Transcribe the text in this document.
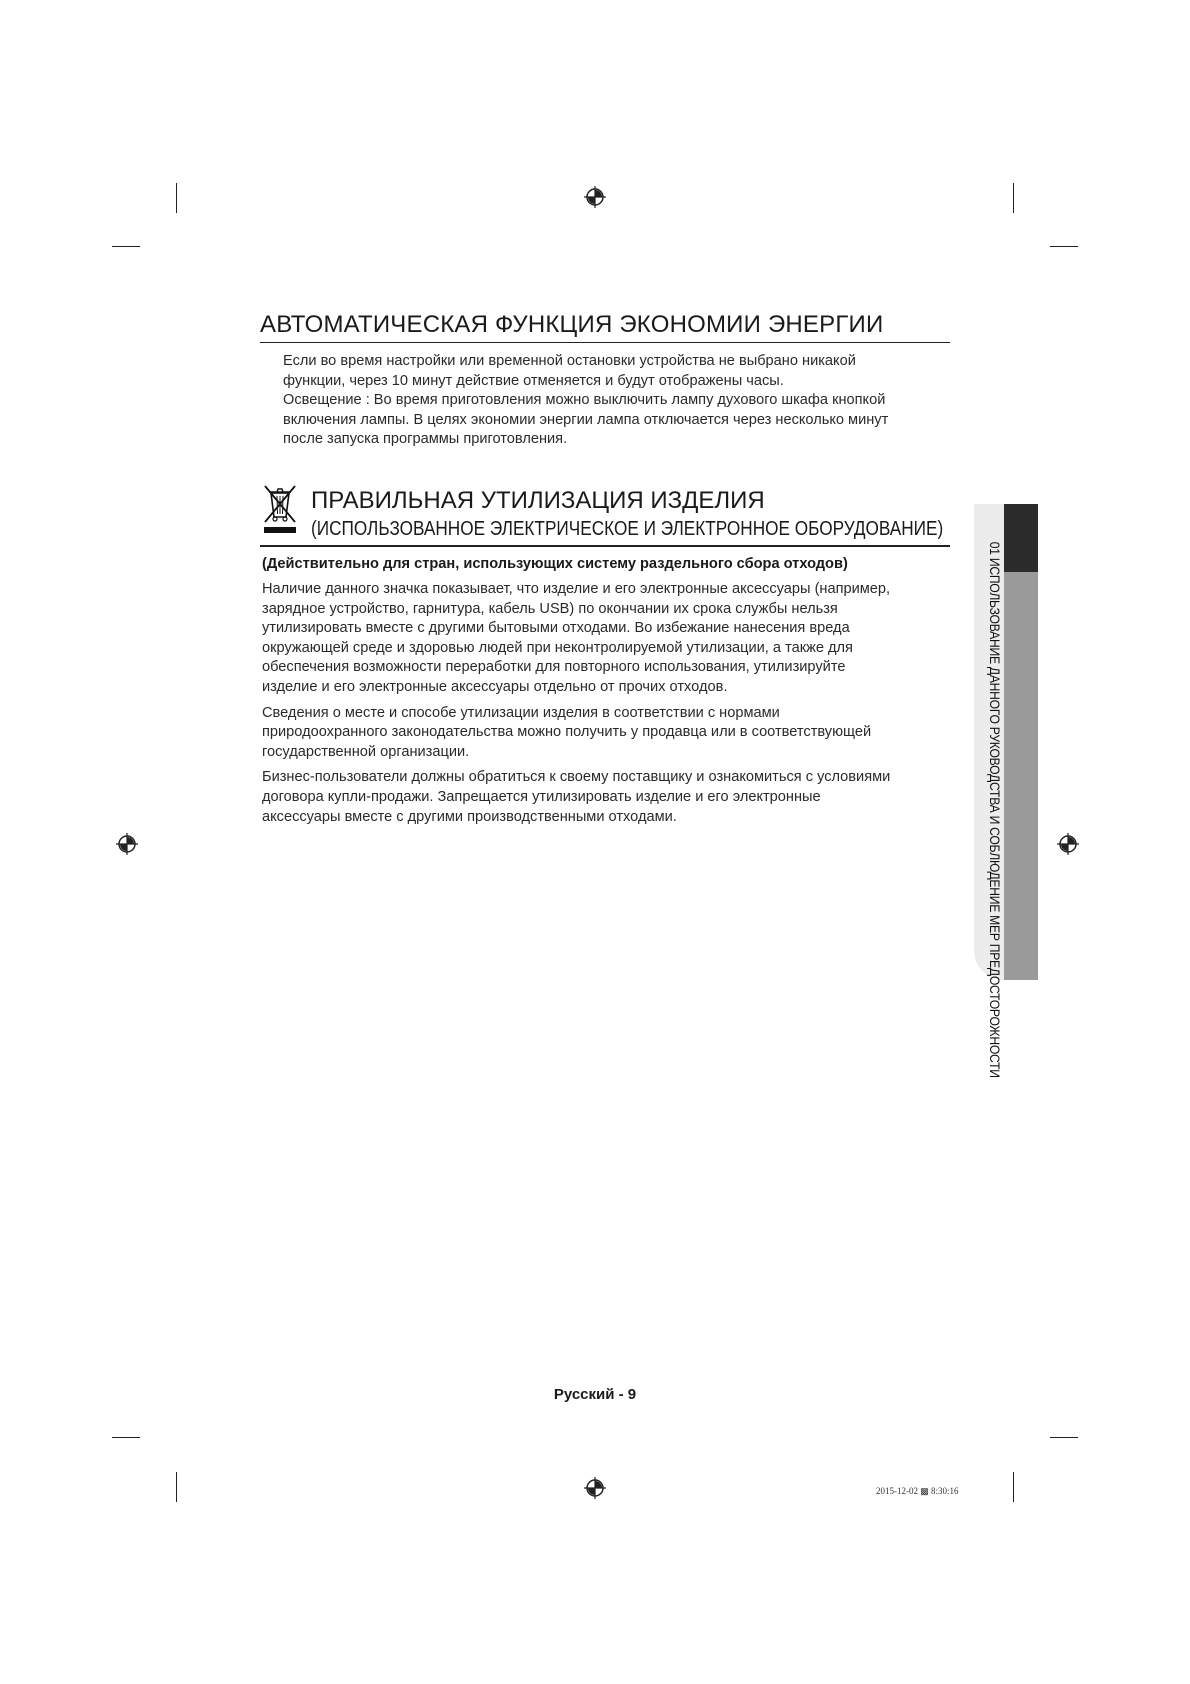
АВТОМАТИЧЕСКАЯ ФУНКЦИЯ ЭКОНОМИИ ЭНЕРГИИ

Если во время настройки или временной остановки устройства не выбрано никакой

функции, через 10 минут действие отменяется и будут отображены часы.

Освещение : Во время приготовления можно выключить лампу духового шкафа кнопкой

включения лампы. В целях экономии энергии лампа отключается через несколько минут

после запуска программы приготовления.

ПРАВИЛЬНАЯ УТИЛИЗАЦИЯ ИЗДЕЛИЯ
(ИСПОЛЬЗОВАННОЕ ЭЛЕКТРИЧЕСКОЕ И ЭЛЕКТРОННОЕ ОБОРУДОВАНИЕ)
(Действительно для стран, использующих систему раздельного сбора отходов)

Наличие данного значка показывает, что изделие и его электронные аксессуары (например,
зарядное устройство, гарнитура, кабель USB) по окончании их срока службы нельзя
утилизировать вместе с другими бытовыми отходами. Во избежание нанесения вреда
окружающей среде и здоровью людей при неконтролируемой утилизации, а также для
обеспечения возможности переработки для повторного использования, утилизируйте
изделие и его электронные аксессуары отдельно от прочих отходов.

Сведения о месте и способе утилизации изделия в соответствии с нормами
природоохранного законодательства можно получить у продавца или в соответствующей
государственной организации.

Бизнес-пользователи должны обратиться к своему поставщику и ознакомиться с условиями
договора купли-продажи. Запрещается утилизировать изделие и его электронные
аксессуары вместе с другими производственными отходами.	01 ИСПОЛЬЗОВАНИЕ ДАННОГО РУКОВОДСТВА И СОБЛЮДЕНИЕ МЕР ПРЕДОСТОРОЖНОСТИ
Русский - 9
2015-12-02 ▩ 8:30:16
